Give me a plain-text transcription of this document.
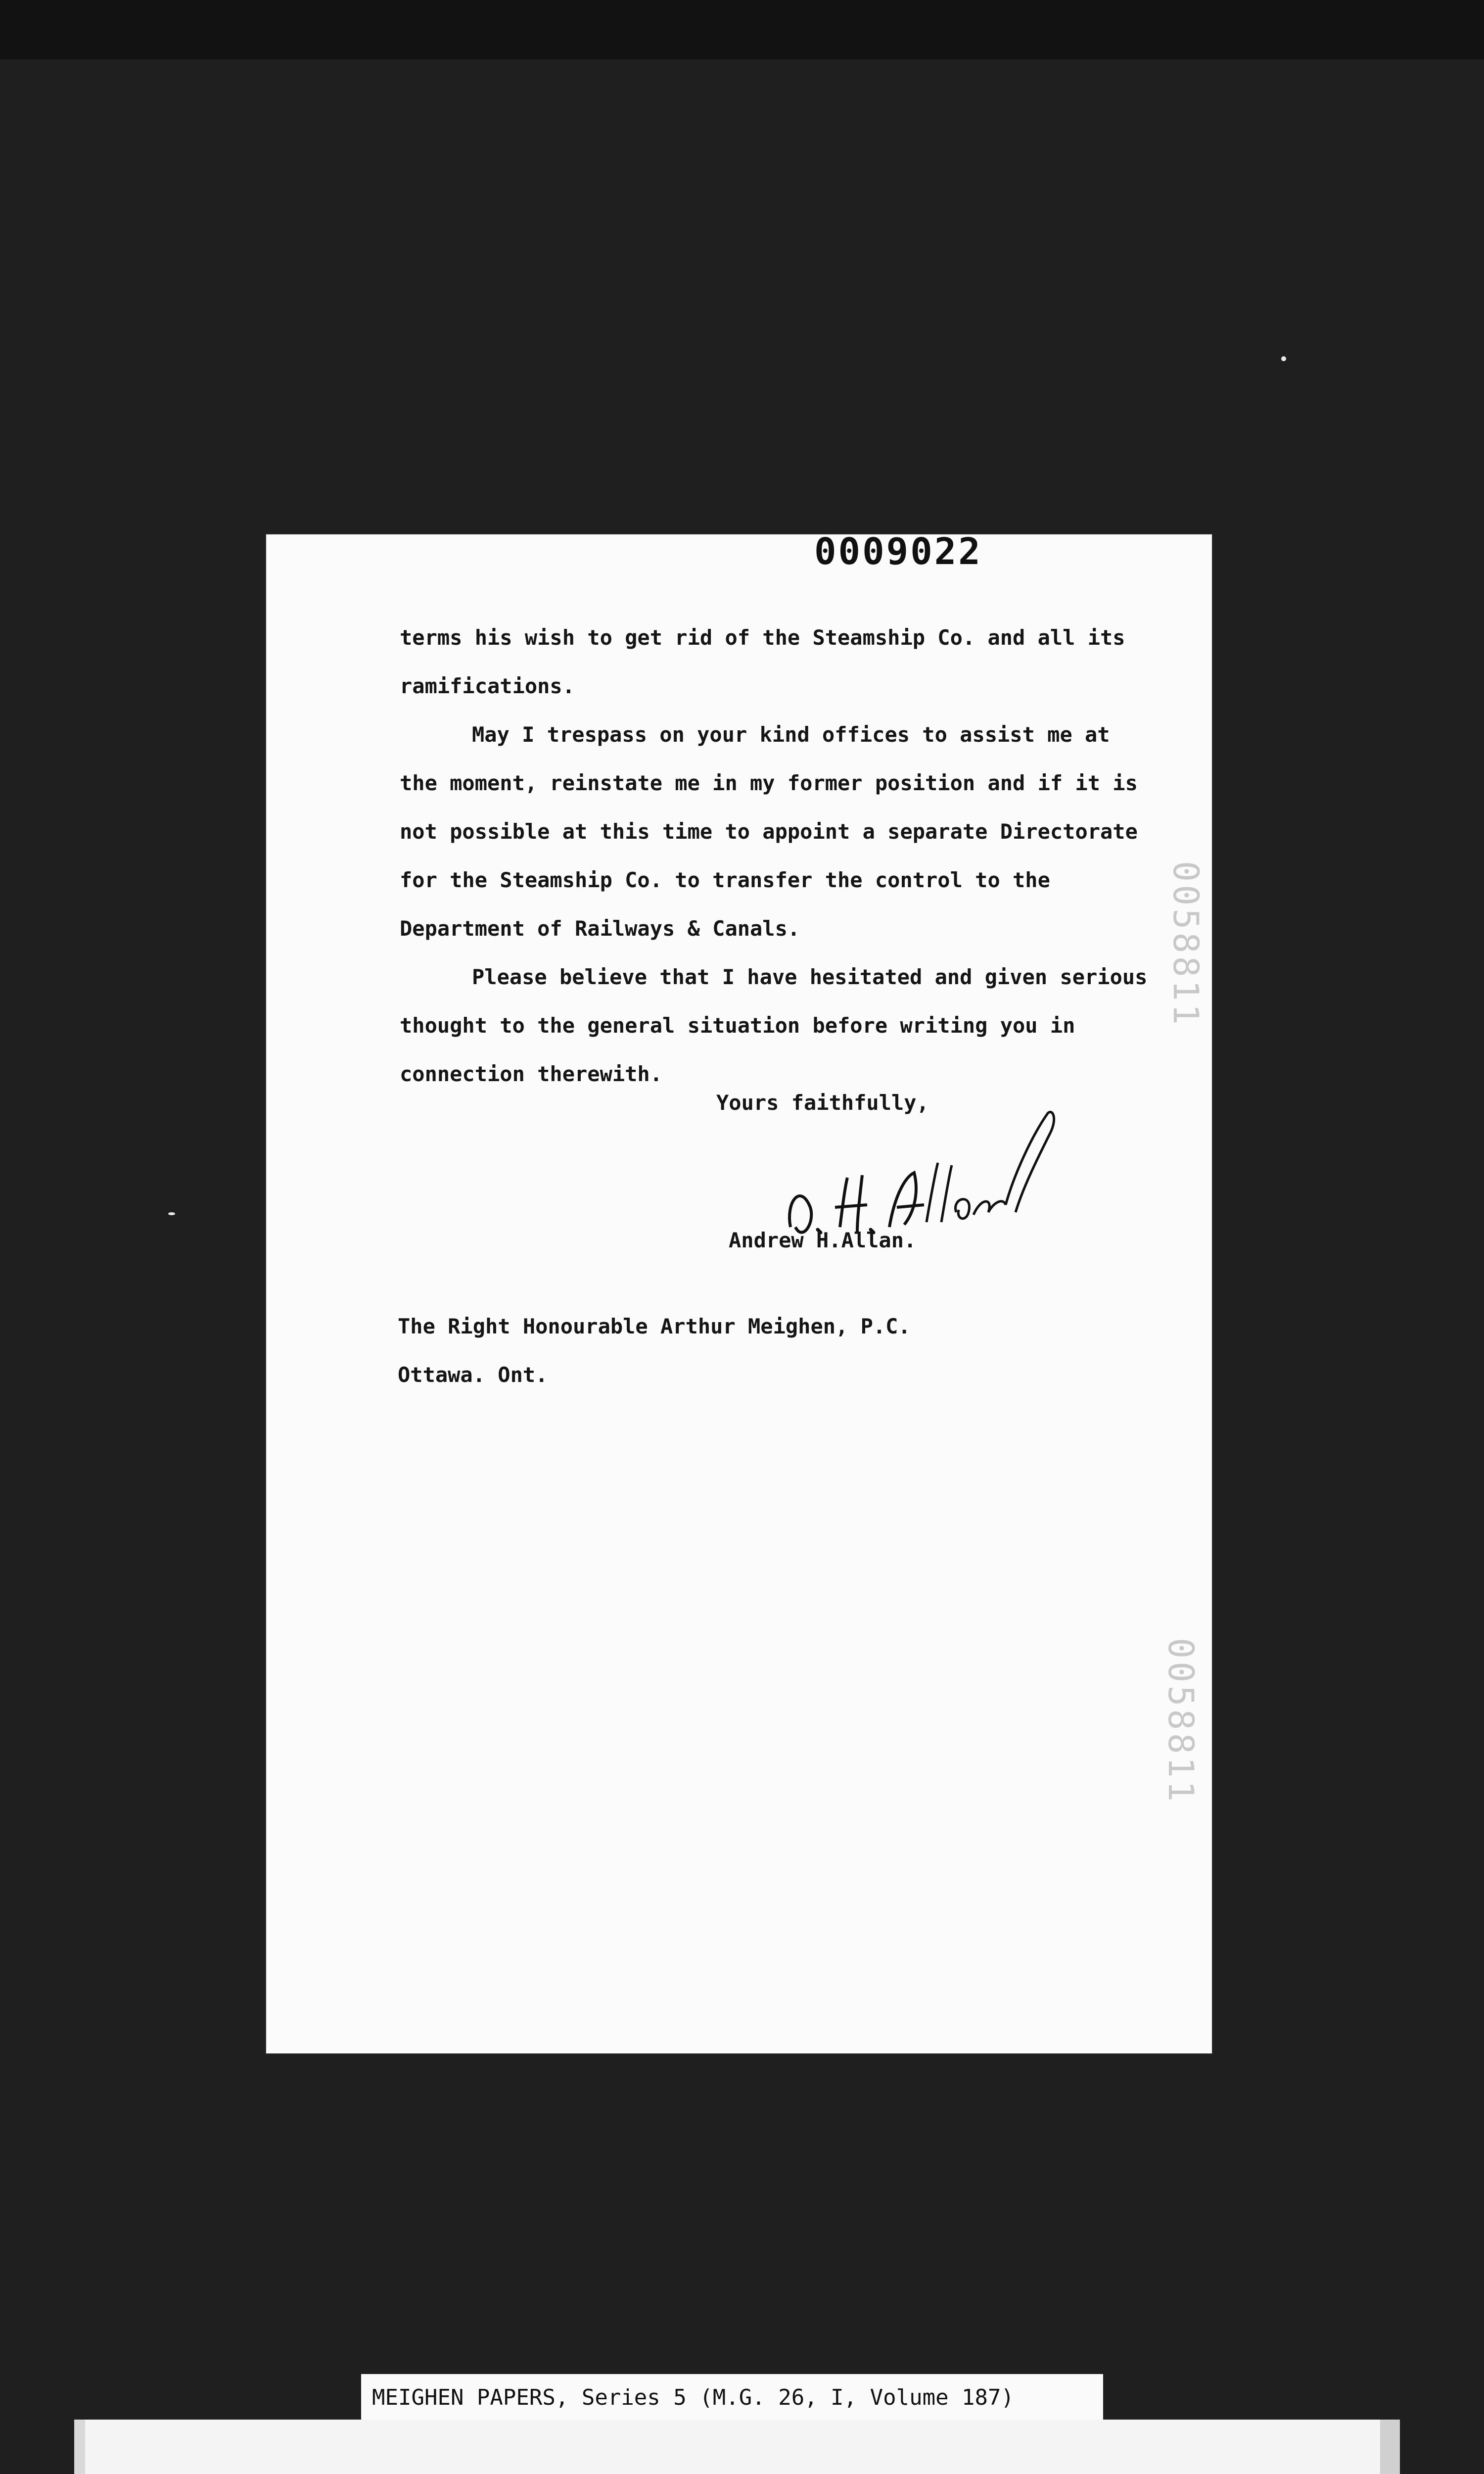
0009022

terms his wish to get rid of the Steamship Co. and all its

ramifications.

May I trespass on your kind offices to assist me at

the moment, reinstate me in my former position and if it is

not possible at this time to appoint a separate Directorate

for the Steamship Co. to transfer the control to the

Department of Railways & Canals.

Please believe that I have hesitated and given serious

thought to the general situation before writing you in

connection therewith.

Yours faithfully,
Andrew H.Allan.
The Right Honourable Arthur Meighen, P.C.
Ottawa. Ont.
0058811
0058811
MEIGHEN PAPERS, Series 5 (M.G. 26, I, Volume 187)
